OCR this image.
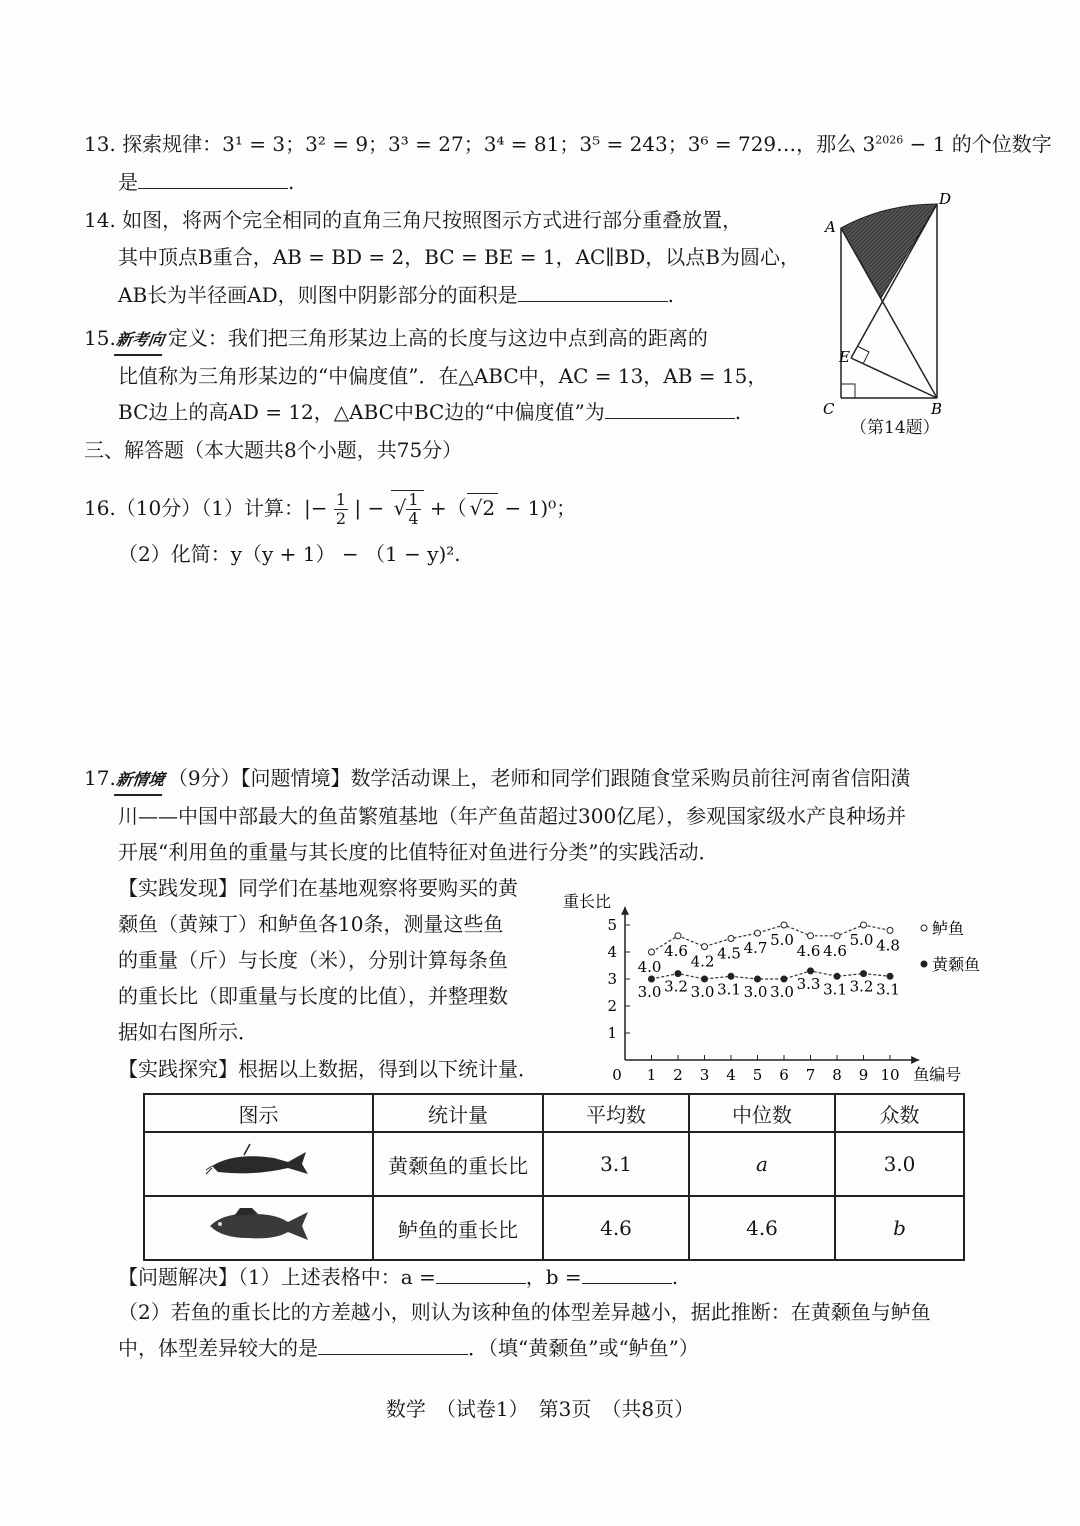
13. 探索规律：3¹ = 3；3² = 9；3³ = 27；3⁴ = 81；3⁵ = 243；3⁶ = 729…，那么 $3^{2026} - 1$ 的个位数字
是	.
14. 如图，将两个完全相同的直角三角尺按照图示方式进行部分重叠放置，
其中顶点B重合，AB = BD = 2，BC = BE = 1，AC∥BD，以点B为圆心，
AB长为半径画AD，则图中阴影部分的面积是	.
A
D
E
C	B
（第14题）
15.新考向 定义：我们把三角形某边上高的长度与这边中点到高的距离的
比值称为三角形某边的“中偏度值”．在△ABC中，AC = 13，AB = 15，
BC边上的高AD = 12，△ABC中BC边的“中偏度值”为	.
三、解答题（本大题共8个小题，共75分）
16.（10分）（1）计算：|− $\frac{1}{2}$ | − √ $\frac{1}{4}$ +（ √2 − 1)⁰；
（2）化简：y（y + 1） − （1 − y)².
17.新情境 （9分）【问题情境】数学活动课上，老师和同学们跟随食堂采购员前往河南省信阳潢
川——中国中部最大的鱼苗繁殖基地（年产鱼苗超过300亿尾），参观国家级水产良种场并
开展“利用鱼的重量与其长度的比值特征对鱼进行分类”的实践活动．
【实践发现】同学们在基地观察将要购买的黄
颡鱼（黄辣丁）和鲈鱼各10条，测量这些鱼
的重量（斤）与长度（米），分别计算每条鱼
的重长比（即重量与长度的比值），并整理数
据如右图所示．
【实践探究】根据以上数据，得到以下统计量．
重长比
鱼编号
0
1
2
3
4
5
1 2 3 4 5 6 7 8 9 10
4.0
4.6
4.2 4.5 4.7 5.0
4.6 4.6
5.0 4.8
鲈鱼
3.0 3.2 3.0 3.1 3.0 3.0 3.3 3.1 3.2 3.1
黄颡鱼
图示	统计量	平均数	中位数	众数
	黄颡鱼的重长比	3.1	a	3.0
	鲈鱼的重长比	4.6	4.6	b
【问题解决】（1）上述表格中：a =	，b =	.
（2）若鱼的重长比的方差越小，则认为该种鱼的体型差异越小，据此推断：在黄颡鱼与鲈鱼
中，体型差异较大的是	．（填“黄颡鱼”或“鲈鱼”）
数学　（试卷1）　第3页　（共8页）
